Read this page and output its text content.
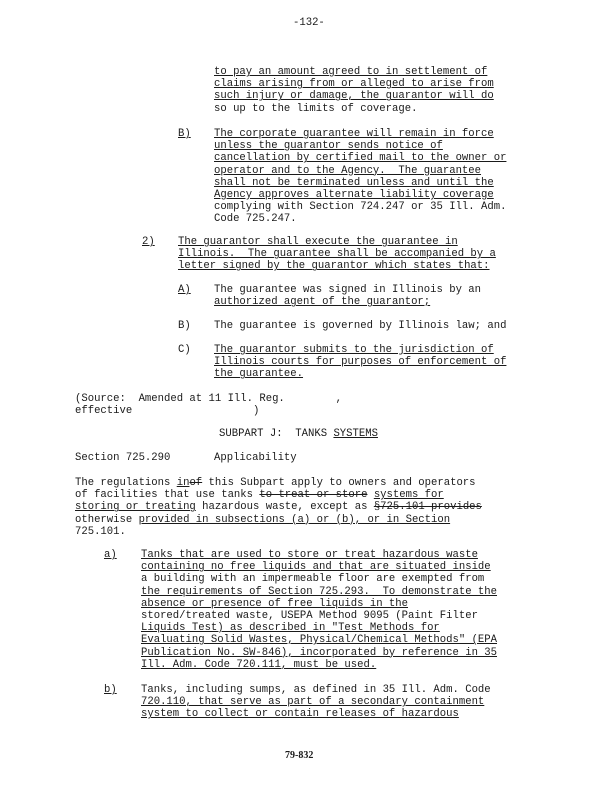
-132-
to pay an amount agreed to in settlement of
claims arising from or alleged to arise from
such injury or damage, the guarantor will do
so up to the limits of coverage.
B) The corporate guarantee will remain in force
unless the guarantor sends notice of
cancellation by certified mail to the owner or
operator and to the Agency.  The guarantee
shall not be terminated unless and until the
Agency approves alternate liability coverage
complying with Section 724.247 or 35 Ill. Adm.
Code 725.247.
2) The guarantor shall execute the guarantee in
Illinois.  The guarantee shall be accompanied by a
letter signed by the guarantor which states that:
A) The guarantee was signed in Illinois by an
authorized agent of the guarantor;
B) The guarantee is governed by Illinois law; and
C) The guarantor submits to the jurisdiction of
Illinois courts for purposes of enforcement of
the guarantee.
(Source:  Amended at 11 Ill. Reg.        ,
effective                   )
SUBPART J:  TANKS SYSTEMS
Section 725.290	Applicability
The regulations inof this Subpart apply to owners and operators
of facilities that use tanks to treat or store systems for
storing or treating hazardous waste, except as §725.101 provides
otherwise provided in subsections (a) or (b), or in Section
725.101.
a) Tanks that are used to store or treat hazardous waste
containing no free liquids and that are situated inside
a building with an impermeable floor are exempted from
the requirements of Section 725.293.  To demonstrate the
absence or presence of free liquids in the
stored/treated waste, USEPA Method 9095 (Paint Filter
Liquids Test) as described in "Test Methods for
Evaluating Solid Wastes, Physical/Chemical Methods" (EPA
Publication No. SW-846), incorporated by reference in 35
Ill. Adm. Code 720.111, must be used.
b) Tanks, including sumps, as defined in 35 Ill. Adm. Code
720.110, that serve as part of a secondary containment
system to collect or contain releases of hazardous
79-832
